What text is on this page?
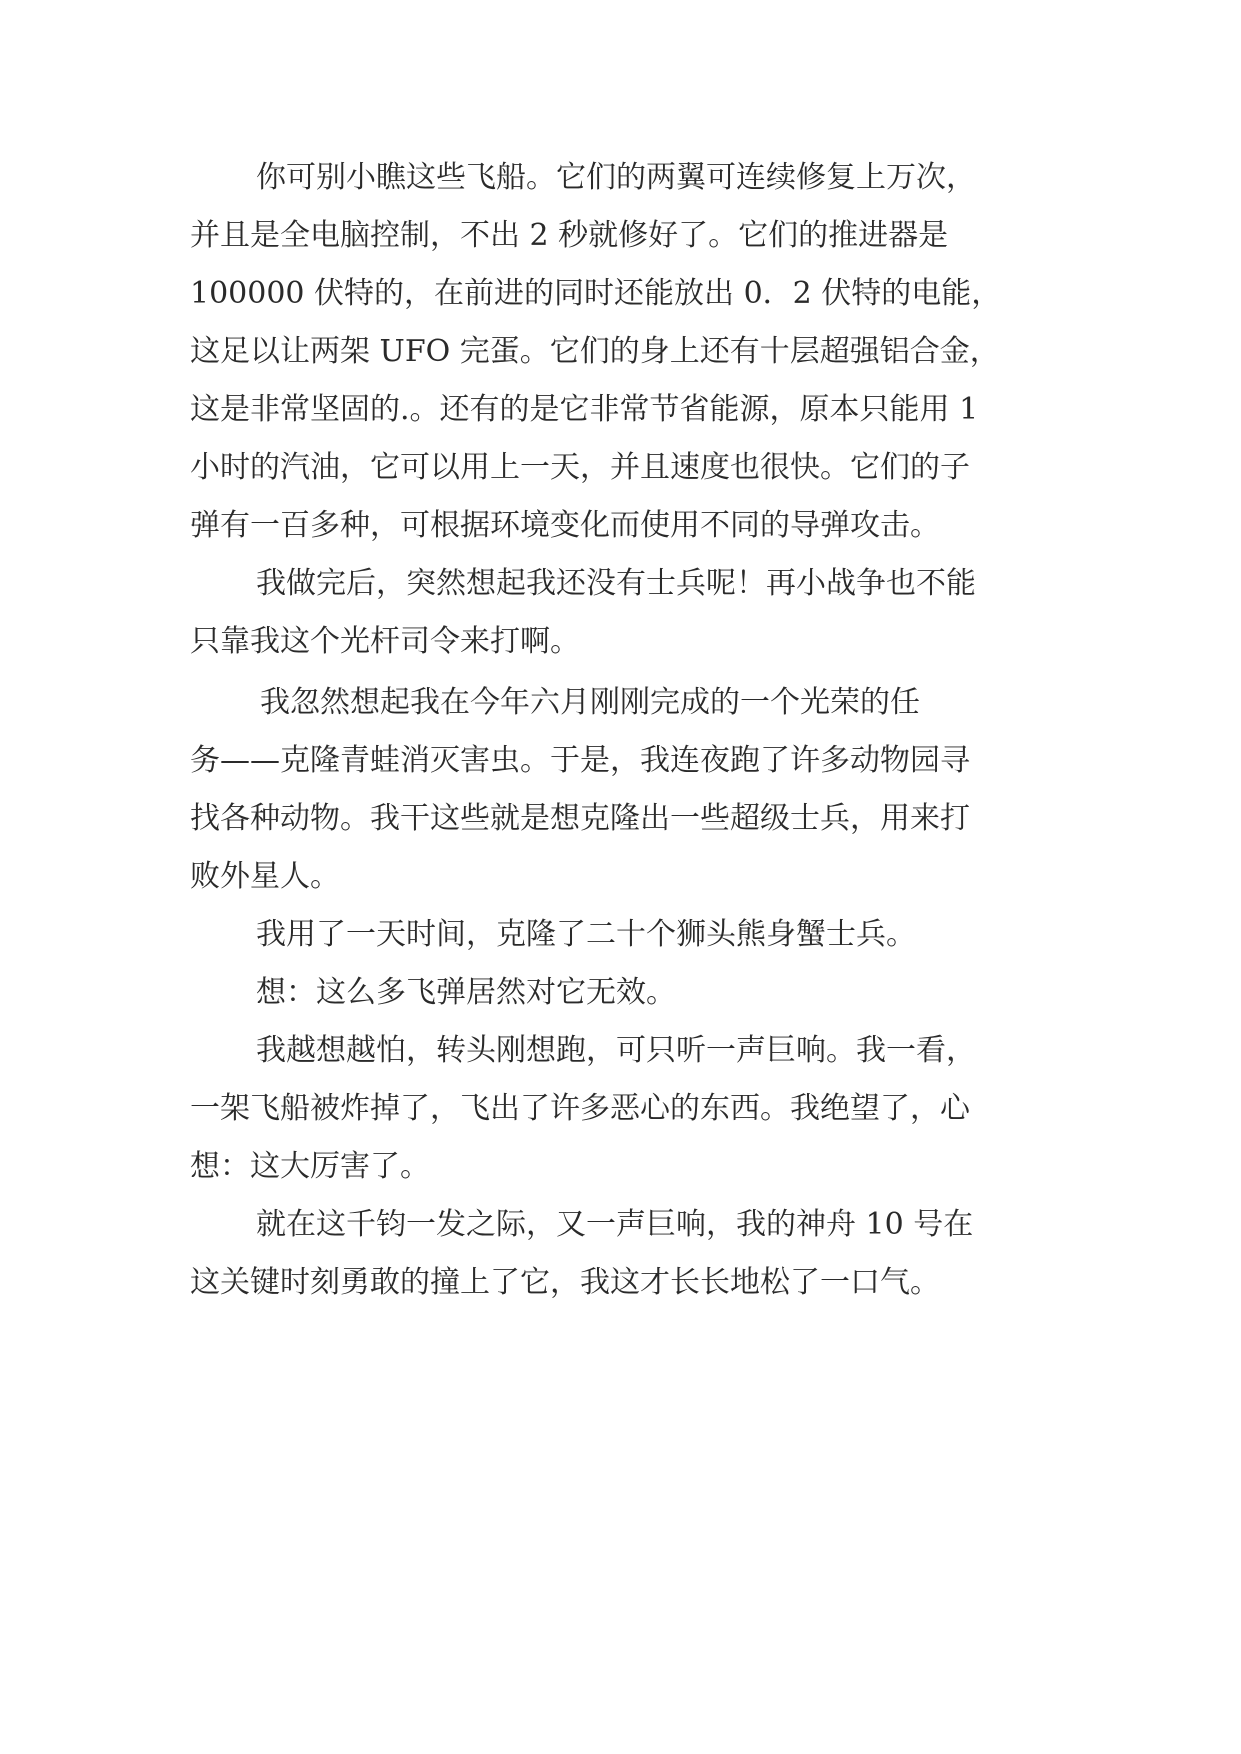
你可别小瞧这些飞船。它们的两翼可连续修复上万次，
并且是全电脑控制，不出 2 秒就修好了。它们的推进器是
100000 伏特的，在前进的同时还能放出 0．2 伏特的电能，
这足以让两架 UFO 完蛋。它们的身上还有十层超强铝合金，
这是非常坚固的.。还有的是它非常节省能源，原本只能用 1
小时的汽油，它可以用上一天，并且速度也很快。它们的子
弹有一百多种，可根据环境变化而使用不同的导弹攻击。
我做完后，突然想起我还没有士兵呢！再小战争也不能
只靠我这个光杆司令来打啊。
我忽然想起我在今年六月刚刚完成的一个光荣的任
务——克隆青蛙消灭害虫。于是，我连夜跑了许多动物园寻
找各种动物。我干这些就是想克隆出一些超级士兵，用来打
败外星人。
我用了一天时间，克隆了二十个狮头熊身蟹士兵。
想：这么多飞弹居然对它无效。
我越想越怕，转头刚想跑，可只听一声巨响。我一看，
一架飞船被炸掉了，飞出了许多恶心的东西。我绝望了，心
想：这大厉害了。
就在这千钧一发之际，又一声巨响，我的神舟 10 号在
这关键时刻勇敢的撞上了它，我这才长长地松了一口气。
